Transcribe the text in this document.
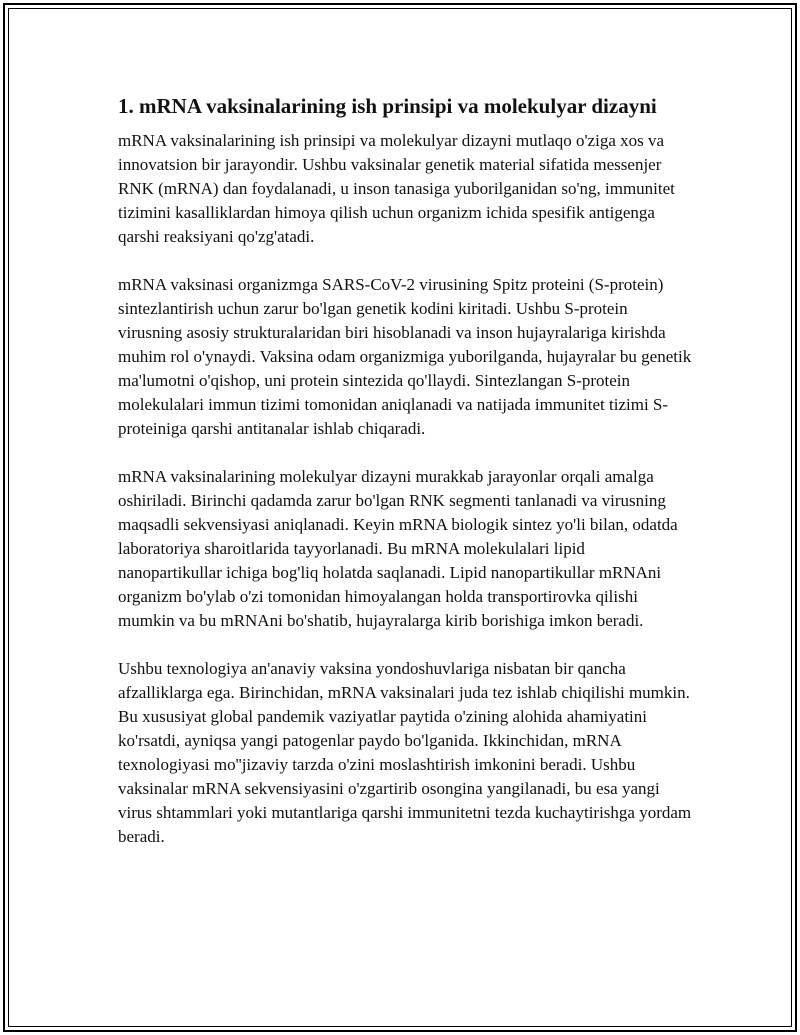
1. mRNA vaksinalarining ish prinsipi va molekulyar dizayni

mRNA vaksinalarining ish prinsipi va molekulyar dizayni mutlaqo o'ziga xos va innovatsion bir jarayondir. Ushbu vaksinalar genetik material sifatida messenjer RNK (mRNA) dan foydalanadi, u inson tanasiga yuborilganidan so'ng, immunitet tizimini kasalliklardan himoya qilish uchun organizm ichida spesifik antigenga qarshi reaksiyani qo'zg'atadi.

mRNA vaksinasi organizmga SARS-CoV-2 virusining Spitz proteini (S-protein) sintezlantirish uchun zarur bo'lgan genetik kodini kiritadi. Ushbu S-protein virusning asosiy strukturalaridan biri hisoblanadi va inson hujayralariga kirishda muhim rol o'ynaydi. Vaksina odam organizmiga yuborilganda, hujayralar bu genetik ma'lumotni o'qishop, uni protein sintezida qo'llaydi. Sintezlangan S-protein molekulalari immun tizimi tomonidan aniqlanadi va natijada immunitet tizimi S-proteiniga qarshi antitanalar ishlab chiqaradi.

mRNA vaksinalarining molekulyar dizayni murakkab jarayonlar orqali amalga oshiriladi. Birinchi qadamda zarur bo'lgan RNK segmenti tanlanadi va virusning maqsadli sekvensiyasi aniqlanadi. Keyin mRNA biologik sintez yo'li bilan, odatda laboratoriya sharoitlarida tayyorlanadi. Bu mRNA molekulalari lipid nanopartikullar ichiga bog'liq holatda saqlanadi. Lipid nanopartikullar mRNAni organizm bo'ylab o'zi tomonidan himoyalangan holda transportirovka qilishi mumkin va bu mRNAni bo'shatib, hujayralarga kirib borishiga imkon beradi.

Ushbu texnologiya an'anaviy vaksina yondoshuvlariga nisbatan bir qancha afzalliklarga ega. Birinchidan, mRNA vaksinalari juda tez ishlab chiqilishi mumkin. Bu xususiyat global pandemik vaziyatlar paytida o'zining alohida ahamiyatini ko'rsatdi, ayniqsa yangi patogenlar paydo bo'lganida. Ikkinchidan, mRNA texnologiyasi mo''jizaviy tarzda o'zini moslashtirish imkonini beradi. Ushbu vaksinalar mRNA sekvensiyasini o'zgartirib osongina yangilanadi, bu esa yangi virus shtammlari yoki mutantlariga qarshi immunitetni tezda kuchaytirishga yordam beradi.
